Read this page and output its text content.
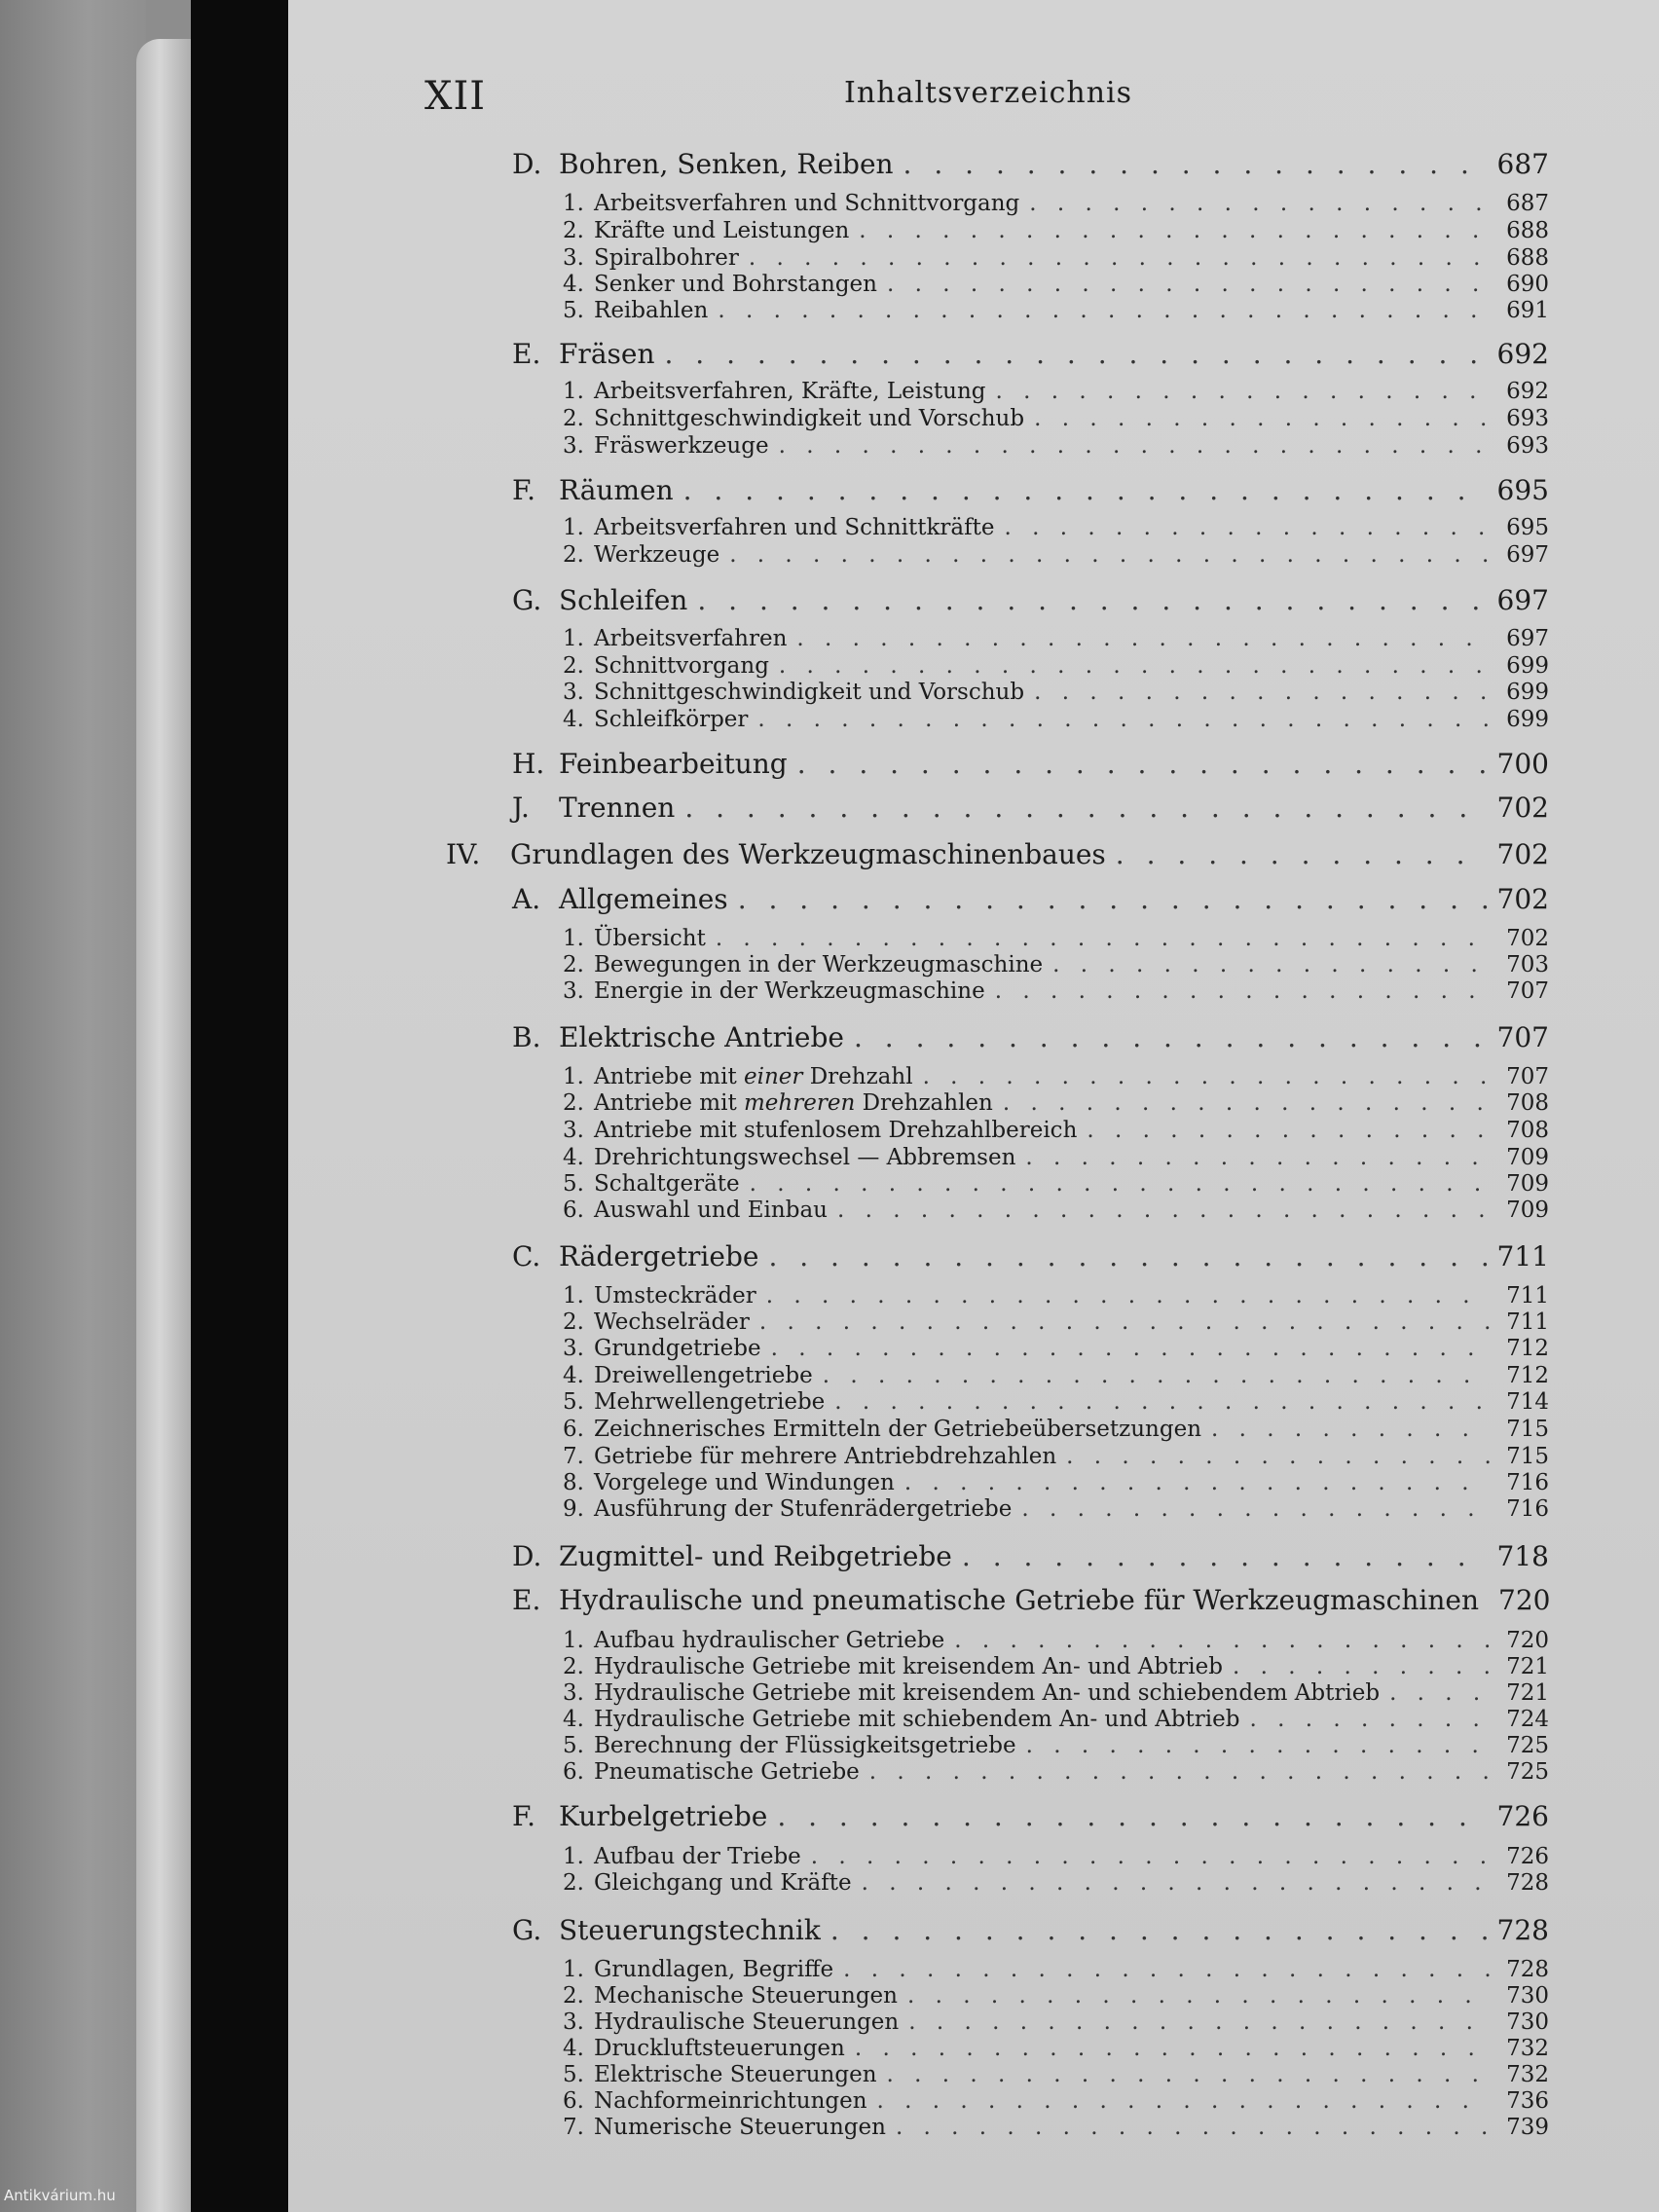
XII	Inhaltsverzeichnis
D. Bohren, Senken, Reiben . . .	687
1. Arbeitsverfahren und Schnittvorgang . . .	687
2. Kräfte und Leistungen . . .	688
3. Spiralbohrer . . .	688
4. Senker und Bohrstangen . . .	690
5. Reibahlen . . .	691
E. Fräsen . . .	692
1. Arbeitsverfahren, Kräfte, Leistung . . .	692
2. Schnittgeschwindigkeit und Vorschub . . .	693
3. Fräswerkzeuge . . .	693
F. Räumen . . .	695
1. Arbeitsverfahren und Schnittkräfte . . .	695
2. Werkzeuge . . .	697
G. Schleifen . . .	697
1. Arbeitsverfahren . . .	697
2. Schnittvorgang . . .	699
3. Schnittgeschwindigkeit und Vorschub . . .	699
4. Schleifkörper . . .	699
H. Feinbearbeitung . . .	700
J. Trennen . . .	702
IV. Grundlagen des Werkzeugmaschinenbaues . . .	702
A. Allgemeines . . .	702
1. Übersicht . . .	702
2. Bewegungen in der Werkzeugmaschine . . .	703
3. Energie in der Werkzeugmaschine . . .	707
B. Elektrische Antriebe . . .	707
1. Antriebe mit einer Drehzahl . . .	707
2. Antriebe mit mehreren Drehzahlen . . .	708
3. Antriebe mit stufenlosem Drehzahlbereich . . .	708
4. Drehrichtungswechsel — Abbremsen . . .	709
5. Schaltgeräte . . .	709
6. Auswahl und Einbau . . .	709
C. Rädergetriebe . . .	711
1. Umsteckräder . . .	711
2. Wechselräder . . .	711
3. Grundgetriebe . . .	712
4. Dreiwellengetriebe . . .	712
5. Mehrwellengetriebe . . .	714
6. Zeichnerisches Ermitteln der Getriebeübersetzungen . . .	715
7. Getriebe für mehrere Antriebdrehzahlen . . .	715
8. Vorgelege und Windungen . . .	716
9. Ausführung der Stufenrädergetriebe . . .	716
D. Zugmittel- und Reibgetriebe . . .	718
E. Hydraulische und pneumatische Getriebe für Werkzeugmaschinen 720
1. Aufbau hydraulischer Getriebe . . .	720
2. Hydraulische Getriebe mit kreisendem An- und Abtrieb . . .	721
3. Hydraulische Getriebe mit kreisendem An- und schiebendem Abtrieb . . .	721
4. Hydraulische Getriebe mit schiebendem An- und Abtrieb . . .	724
5. Berechnung der Flüssigkeitsgetriebe . . .	725
6. Pneumatische Getriebe . . .	725
F. Kurbelgetriebe . . .	726
1. Aufbau der Triebe . . .	726
2. Gleichgang und Kräfte . . .	728
G. Steuerungstechnik . . .	728
1. Grundlagen, Begriffe . . .	728
2. Mechanische Steuerungen . . .	730
3. Hydraulische Steuerungen . . .	730
4. Druckluftsteuerungen . . .	732
5. Elektrische Steuerungen . . .	732
6. Nachformeinrichtungen . . .	736
7. Numerische Steuerungen . . .	739
Antikvárium.hu
